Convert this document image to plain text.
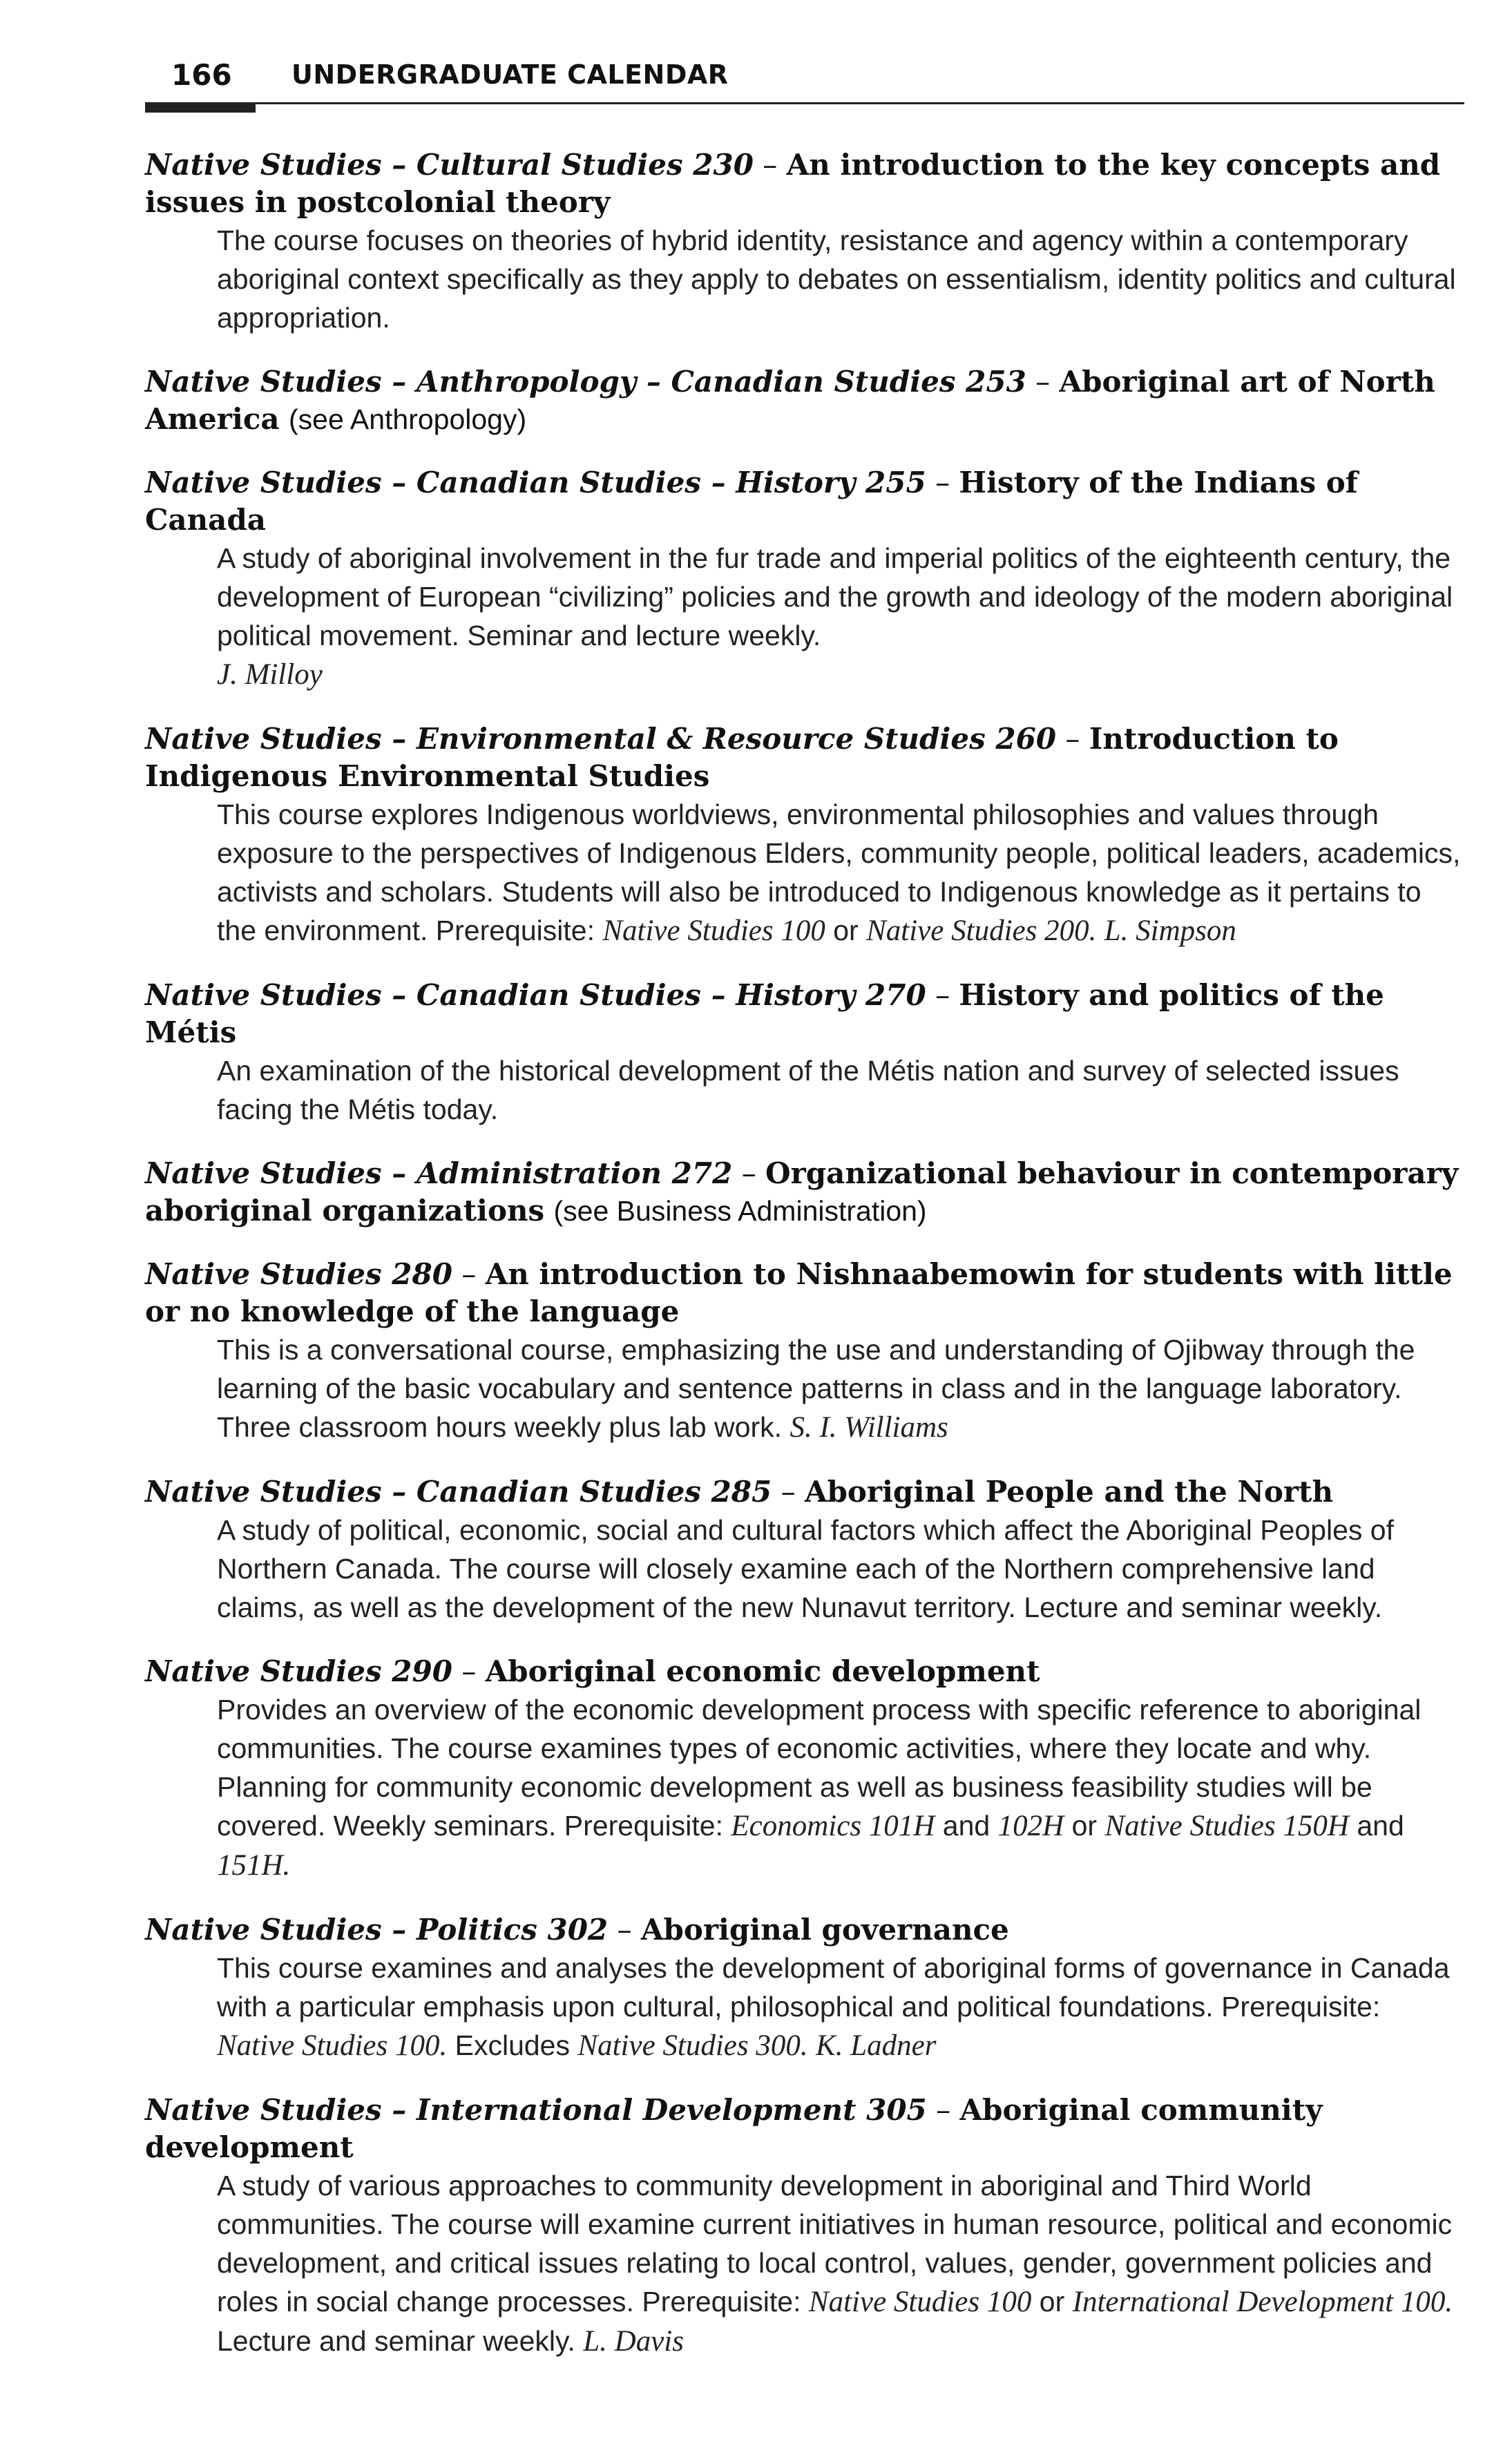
166 UNDERGRADUATE CALENDAR

Native Studies – Cultural Studies 230 – An introduction to the key concepts and issues in postcolonial theory

The course focuses on theories of hybrid identity, resistance and agency within a contemporary aboriginal context specifically as they apply to debates on essentialism, identity politics and cultural appropriation.

Native Studies – Anthropology – Canadian Studies 253 – Aboriginal art of North America (see Anthropology)

Native Studies – Canadian Studies – History 255 – History of the Indians of Canada

A study of aboriginal involvement in the fur trade and imperial politics of the eighteenth century, the development of European “civilizing” policies and the growth and ideology of the modern aboriginal political movement. Seminar and lecture weekly.
J. Milloy

Native Studies – Environmental & Resource Studies 260 – Introduction to Indigenous Environmental Studies

This course explores Indigenous worldviews, environmental philosophies and values through exposure to the perspectives of Indigenous Elders, community people, political leaders, academics, activists and scholars. Students will also be introduced to Indigenous knowledge as it pertains to the environment. Prerequisite: Native Studies 100 or Native Studies 200. L. Simpson

Native Studies – Canadian Studies – History 270 – History and politics of the Métis

An examination of the historical development of the Métis nation and survey of selected issues facing the Métis today.

Native Studies – Administration 272 – Organizational behaviour in contemporary aboriginal organizations (see Business Administration)

Native Studies 280 – An introduction to Nishnaabemowin for students with little or no knowledge of the language

This is a conversational course, emphasizing the use and understanding of Ojibway through the learning of the basic vocabulary and sentence patterns in class and in the language laboratory. Three classroom hours weekly plus lab work. S. I. Williams

Native Studies – Canadian Studies 285 – Aboriginal People and the North

A study of political, economic, social and cultural factors which affect the Aboriginal Peoples of Northern Canada. The course will closely examine each of the Northern comprehensive land claims, as well as the development of the new Nunavut territory. Lecture and seminar weekly.

Native Studies 290 – Aboriginal economic development

Provides an overview of the economic development process with specific reference to aboriginal communities. The course examines types of economic activities, where they locate and why. Planning for community economic development as well as business feasibility studies will be covered. Weekly seminars. Prerequisite: Economics 101H and 102H or Native Studies 150H and 151H.

Native Studies – Politics 302 – Aboriginal governance

This course examines and analyses the development of aboriginal forms of governance in Canada with a particular emphasis upon cultural, philosophical and political foundations. Prerequisite: Native Studies 100. Excludes Native Studies 300. K. Ladner

Native Studies – International Development 305 – Aboriginal community development

A study of various approaches to community development in aboriginal and Third World communities. The course will examine current initiatives in human resource, political and economic development, and critical issues relating to local control, values, gender, government policies and roles in social change processes. Prerequisite: Native Studies 100 or International Development 100. Lecture and seminar weekly. L. Davis
